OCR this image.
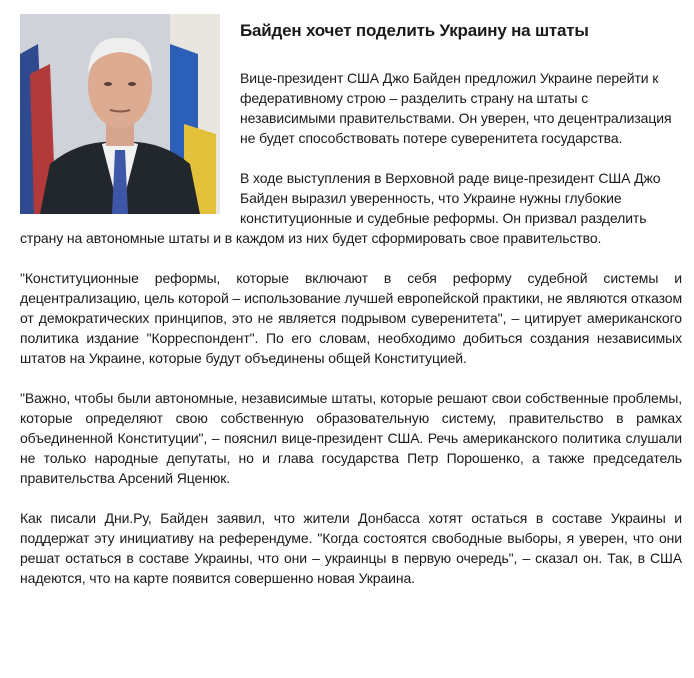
Байден хочет поделить Украину на штаты

Вице-президент США Джо Байден предложил Украине перейти к федеративному строю – разделить страну на штаты с независимыми правительствами. Он уверен, что децентрализация не будет способствовать потере суверенитета государства.

В ходе выступления в Верховной раде вице-президент США Джо Байден выразил уверенность, что Украине нужны глубокие конституционные и судебные реформы. Он призвал разделить страну на автономные штаты и в каждом из них будет сформировать свое правительство.

"Конституционные реформы, которые включают в себя реформу судебной системы и децентрализацию, цель которой – использование лучшей европейской практики, не являются отказом от демократических принципов, это не является подрывом суверенитета", – цитирует американского политика издание "Корреспондент". По его словам, необходимо добиться создания независимых штатов на Украине, которые будут объединены общей Конституцией.

"Важно, чтобы были автономные, независимые штаты, которые решают свои собственные проблемы, которые определяют свою собственную образовательную систему, правительство в рамках объединенной Конституции", – пояснил вице-президент США. Речь американского политика слушали не только народные депутаты, но и глава государства Петр Порошенко, а также председатель правительства Арсений Яценюк.

Как писали Дни.Ру, Байден заявил, что жители Донбасса хотят остаться в составе Украины и поддержат эту инициативу на референдуме. "Когда состоятся свободные выборы, я уверен, что они решат остаться в составе Украины, что они – украинцы в первую очередь", – сказал он. Так, в США надеются, что на карте появится совершенно новая Украина.
